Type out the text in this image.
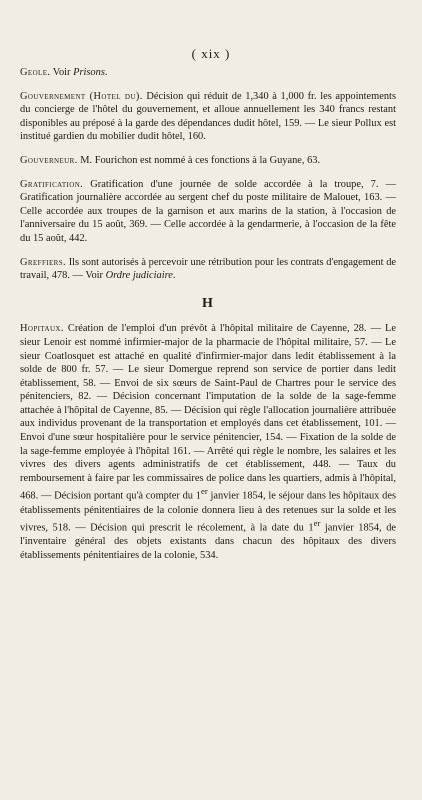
( xix )

Geole. Voir Prisons.

Gouvernement (Hotel du). Décision qui réduit de 1,340 à 1,000 fr. les appointements du concierge de l'hôtel du gouvernement, et alloue annuellement les 340 francs restant disponibles au préposé à la garde des dépendances dudit hôtel, 159. — Le sieur Pollux est institué gardien du mobilier dudit hôtel, 160.

Gouverneur. M. Fourichon est nommé à ces fonctions à la Guyane, 63.

Gratification. Gratification d'une journée de solde accordée à la troupe, 7. — Gratification journalière accordée au sergent chef du poste militaire de Malouet, 163. — Celle accordée aux troupes de la garnison et aux marins de la station, à l'occasion de l'anniversaire du 15 août, 369. — Celle accordée à la gendarmerie, à l'occasion de la fête du 15 août, 442.

Greffiers. Ils sont autorisés à percevoir une rétribution pour les contrats d'engagement de travail, 478. — Voir Ordre judiciaire.

H

Hopitaux. Création de l'emploi d'un prévôt à l'hôpital militaire de Cayenne, 28. — Le sieur Lenoir est nommé infirmier-major de la pharmacie de l'hôpital militaire, 57. — Le sieur Coatlosquet est attaché en qualité d'infirmier-major dans ledit établissement à la solde de 800 fr. 57. — Le sieur Domergue reprend son service de portier dans ledit établissement, 58. — Envoi de six sœurs de Saint-Paul de Chartres pour le service des pénitenciers, 82. — Décision concernant l'imputation de la solde de la sage-femme attachée à l'hôpital de Cayenne, 85. — Décision qui règle l'allocation journalière attribuée aux individus provenant de la transportation et employés dans cet établissement, 101. — Envoi d'une sœur hospitalière pour le service pénitencier, 154. — Fixation de la solde de la sage-femme employée à l'hôpital 161. — Arrêté qui règle le nombre, les salaires et les vivres des divers agents administratifs de cet établissement, 448. — Taux du remboursement à faire par les commissaires de police dans les quartiers, admis à l'hôpital, 468. — Décision portant qu'à compter du 1er janvier 1854, le séjour dans les hôpitaux des établissements pénitentiaires de la colonie donnera lieu à des retenues sur la solde et les vivres, 518. — Décision qui prescrit le récolement, à la date du 1er janvier 1854, de l'inventaire général des objets existants dans chacun des hôpitaux des divers établissements pénitentiaires de la colonie, 534.
